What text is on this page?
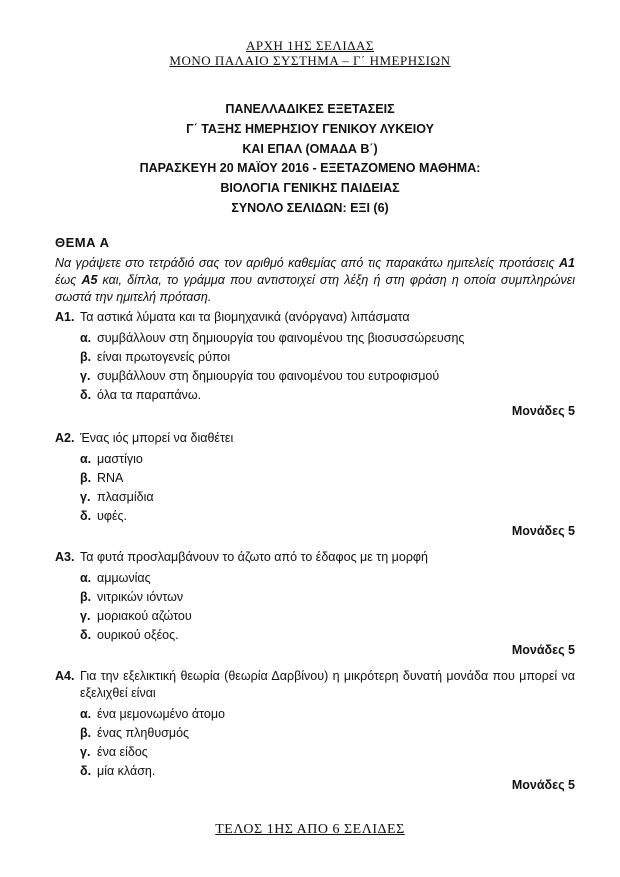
ΑΡΧΗ 1ΗΣ ΣΕΛΙΔΑΣ
ΜΟΝΟ ΠΑΛΑΙΟ ΣΥΣΤΗΜΑ – Γ΄ ΗΜΕΡΗΣΙΩΝ
ΠΑΝΕΛΛΑΔΙΚΕΣ ΕΞΕΤΑΣΕΙΣ
Γ΄ ΤΑΞΗΣ ΗΜΕΡΗΣΙΟΥ ΓΕΝΙΚΟΥ ΛΥΚΕΙΟΥ
ΚΑΙ ΕΠΑΛ (ΟΜΑΔΑ Β΄)
ΠΑΡΑΣΚΕΥΗ 20 ΜΑΪΟΥ 2016 - ΕΞΕΤΑΖΟΜΕΝΟ ΜΑΘΗΜΑ:
ΒΙΟΛΟΓΙΑ ΓΕΝΙΚΗΣ ΠΑΙΔΕΙΑΣ
ΣΥΝΟΛΟ ΣΕΛΙΔΩΝ: ΕΞΙ (6)
ΘΕΜΑ Α
Να γράψετε στο τετράδιό σας τον αριθμό καθεμίας από τις παρακάτω ημιτελείς προτάσεις Α1 έως Α5 και, δίπλα, το γράμμα που αντιστοιχεί στη λέξη ή στη φράση η οποία συμπληρώνει σωστά την ημιτελή πρόταση.
Α1. Τα αστικά λύματα και τα βιομηχανικά (ανόργανα) λιπάσματα
α. συμβάλλουν στη δημιουργία του φαινομένου της βιοσυσσώρευσης
β. είναι πρωτογενείς ρύποι
γ. συμβάλλουν στη δημιουργία του φαινομένου του ευτροφισμού
δ. όλα τα παραπάνω.
Μονάδες 5
Α2. Ένας ιός μπορεί να διαθέτει
α. μαστίγιο
β. RNA
γ. πλασμίδια
δ. υφές.
Μονάδες 5
Α3. Τα φυτά προσλαμβάνουν το άζωτο από το έδαφος με τη μορφή
α. αμμωνίας
β. νιτρικών ιόντων
γ. μοριακού αζώτου
δ. ουρικού οξέος.
Μονάδες 5
Α4. Για την εξελικτική θεωρία (θεωρία Δαρβίνου) η μικρότερη δυνατή μονάδα που μπορεί να εξελιχθεί είναι
α. ένα μεμονωμένο άτομο
β. ένας πληθυσμός
γ. ένα είδος
δ. μία κλάση.
Μονάδες 5
ΤΕΛΟΣ 1ΗΣ ΑΠΟ 6 ΣΕΛΙΔΕΣ
